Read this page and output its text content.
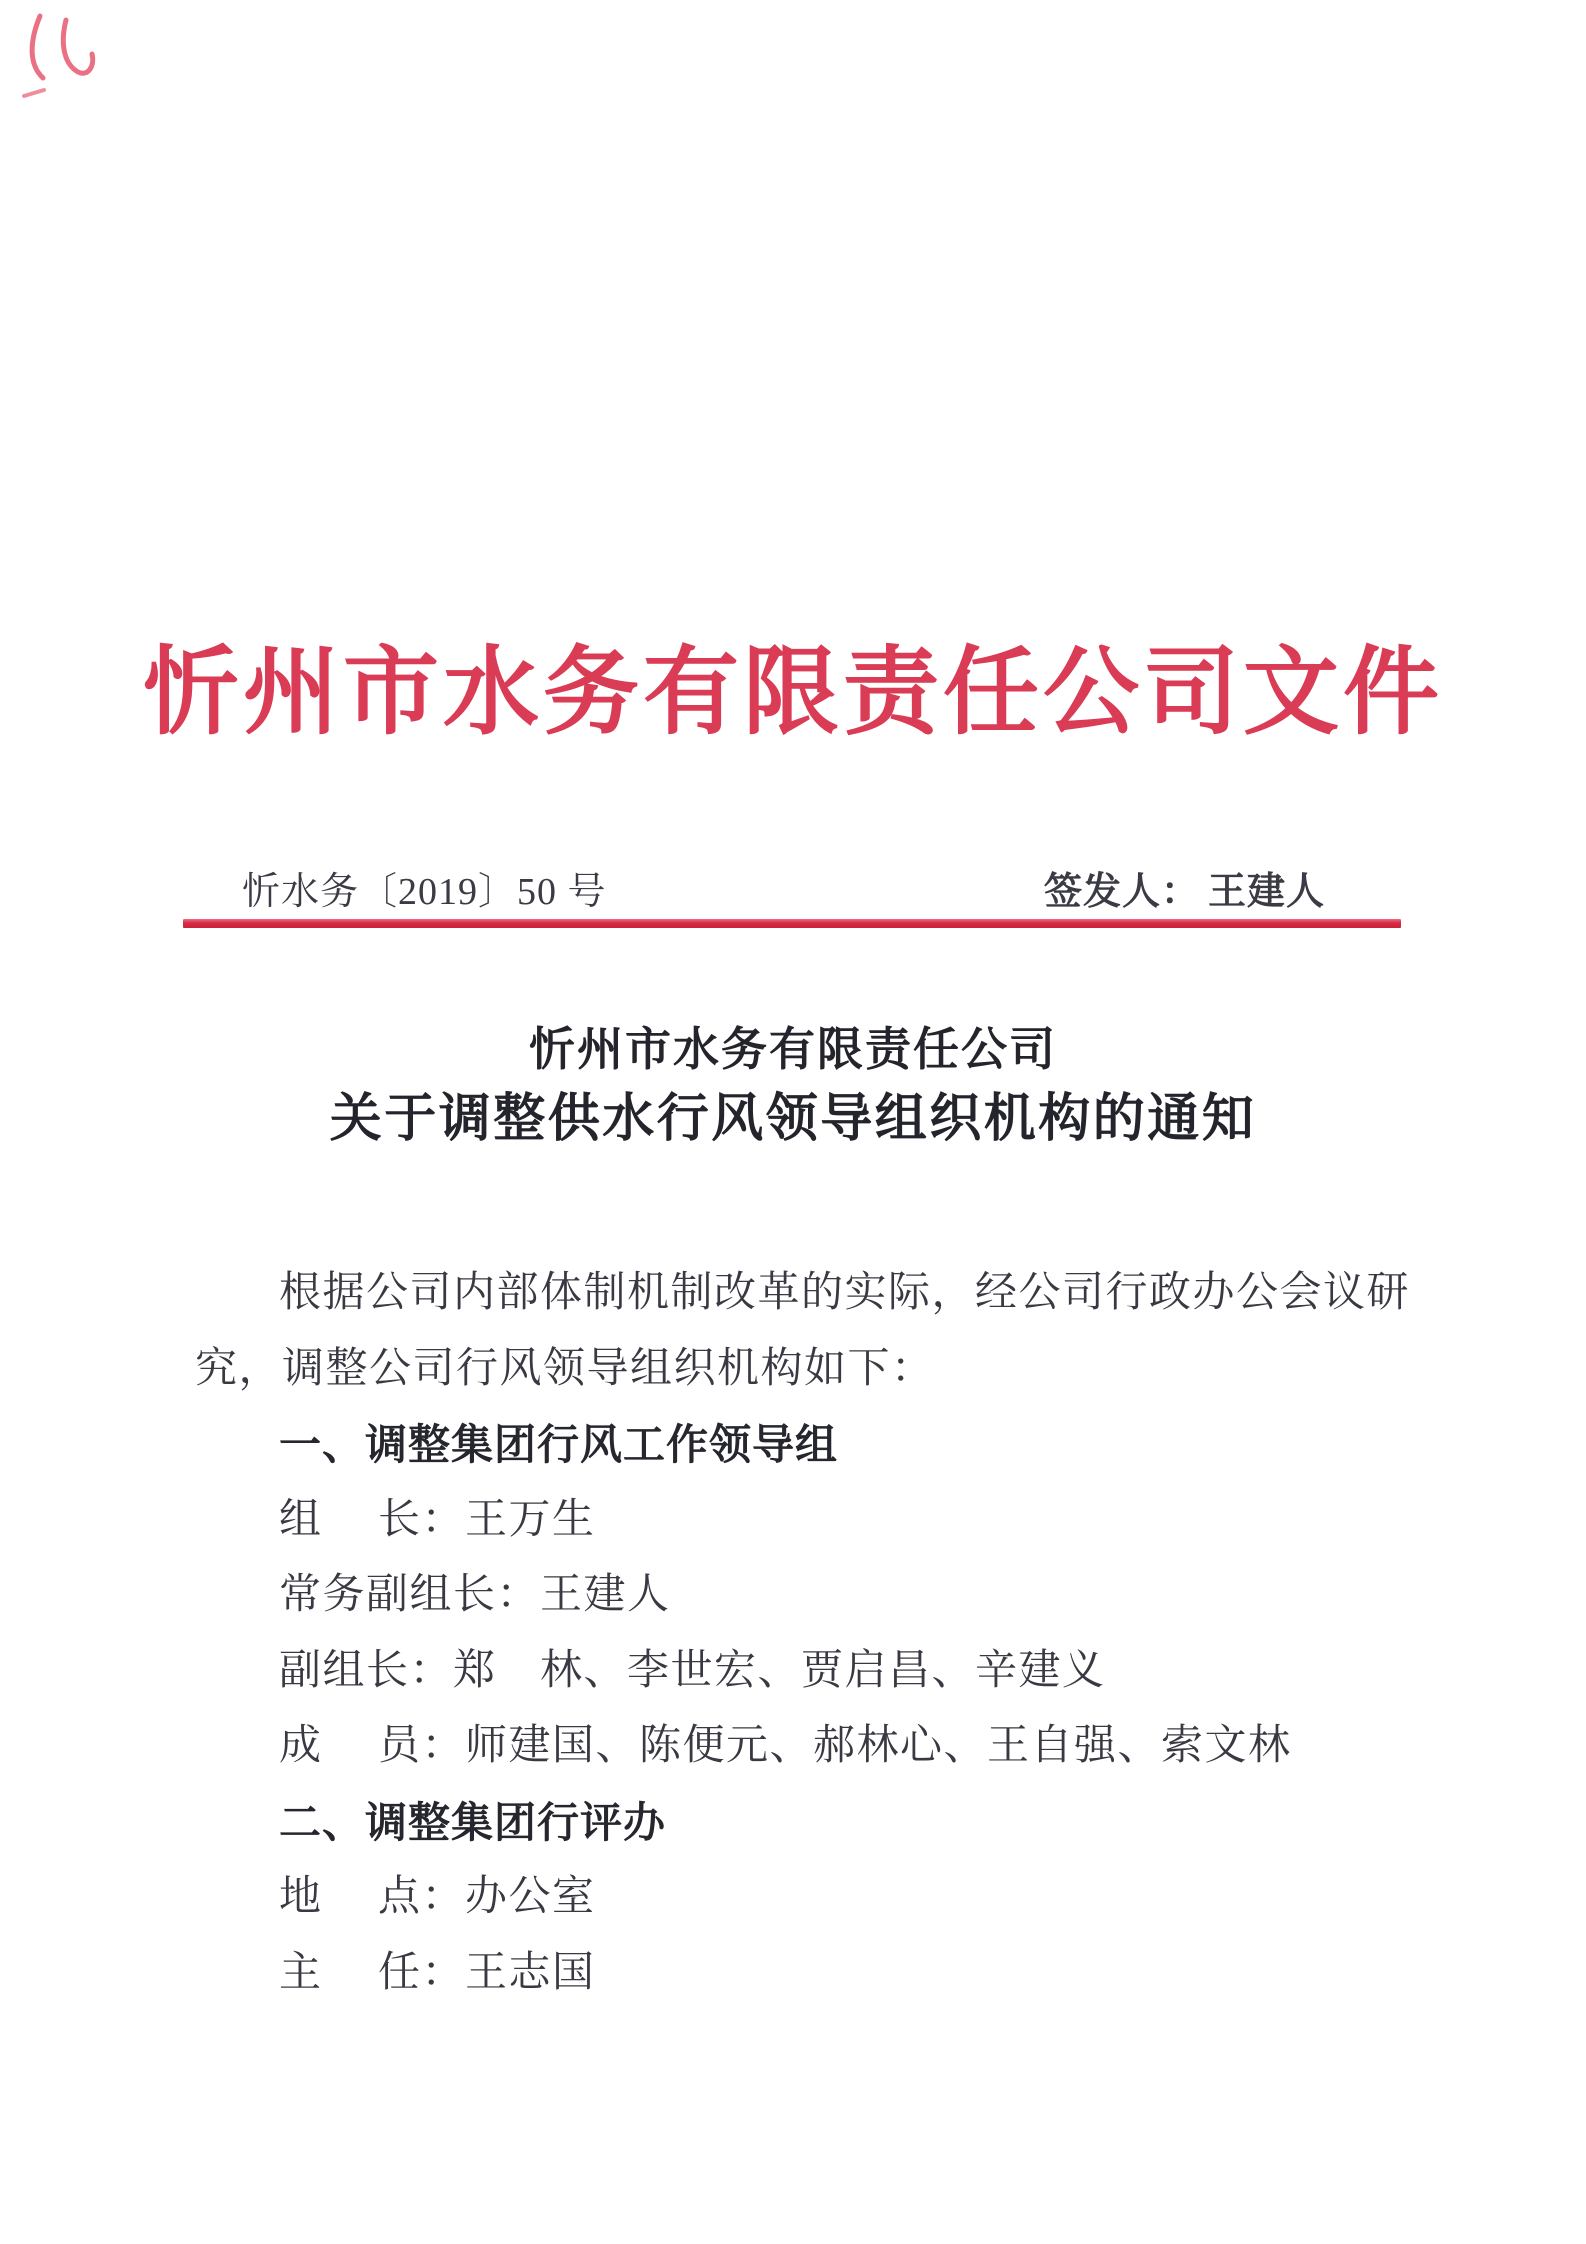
忻州市水务有限责任公司文件
忻水务〔2019〕50 号	签发人： 王建人
忻州市水务有限责任公司
关于调整供水行风领导组织机构的通知

根据公司内部体制机制改革的实际，经公司行政办公会议研

究，调整公司行风领导组织机构如下：

一、调整集团行风工作领导组

组　 长：王万生

常务副组长：王建人

副组长：郑　林、李世宏、贾启昌、辛建义

成　 员：师建国、陈便元、郝林心、王自强、索文林

二、调整集团行评办

地　 点：办公室

主　 任：王志国
